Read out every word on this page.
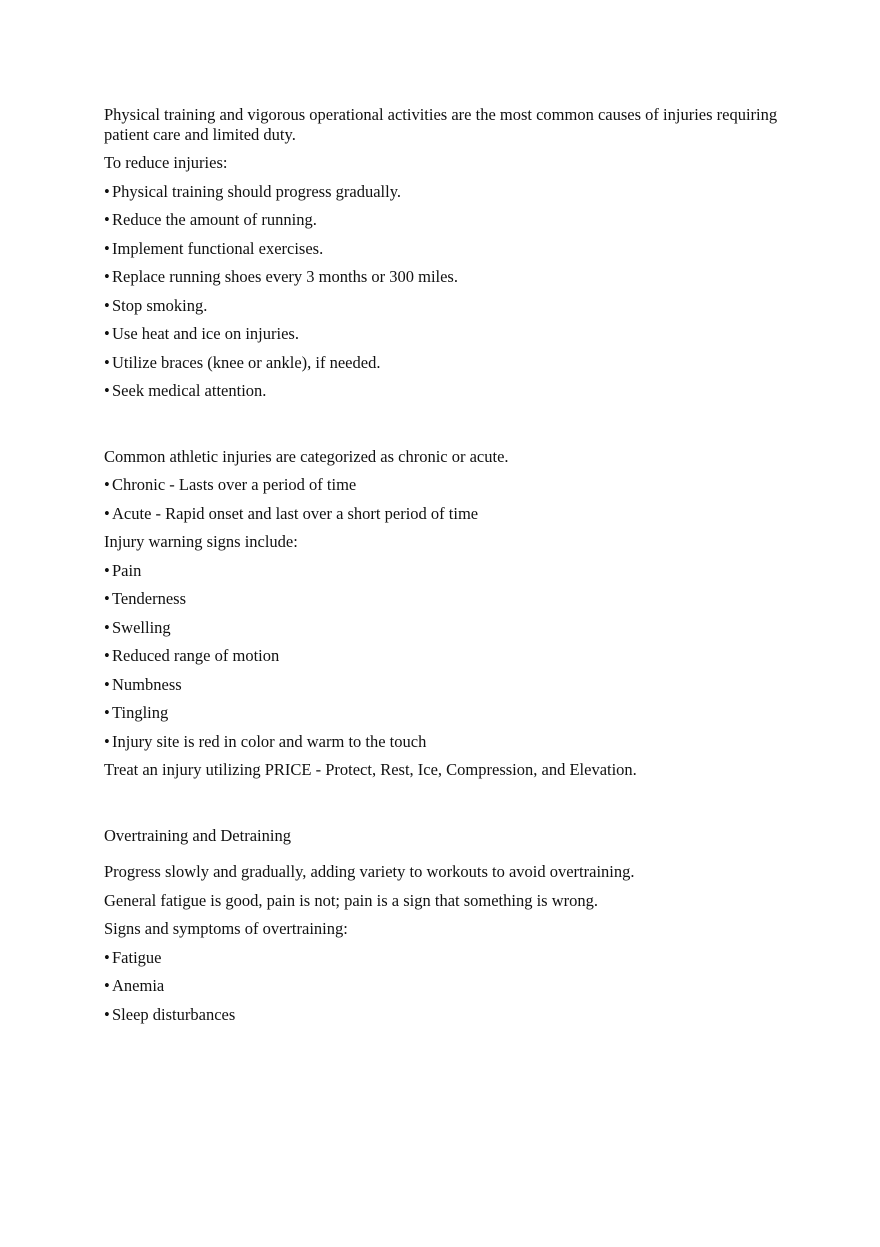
Physical training and vigorous operational activities are the most common causes of injuries requiring patient care and limited duty.

To reduce injuries:
• Physical training should progress gradually.
• Reduce the amount of running.
• Implement functional exercises.
• Replace running shoes every 3 months or 300 miles.
• Stop smoking.
• Use heat and ice on injuries.
• Utilize braces (knee or ankle), if needed.
• Seek medical attention.
Common athletic injuries are categorized as chronic or acute.
• Chronic - Lasts over a period of time
• Acute - Rapid onset and last over a short period of time
Injury warning signs include:
• Pain
• Tenderness
• Swelling
• Reduced range of motion
• Numbness
• Tingling
• Injury site is red in color and warm to the touch
Treat an injury utilizing PRICE - Protect, Rest, Ice, Compression, and Elevation.
Overtraining and Detraining
Progress slowly and gradually, adding variety to workouts to avoid overtraining.
General fatigue is good, pain is not; pain is a sign that something is wrong.
Signs and symptoms of overtraining:
• Fatigue
• Anemia
• Sleep disturbances
